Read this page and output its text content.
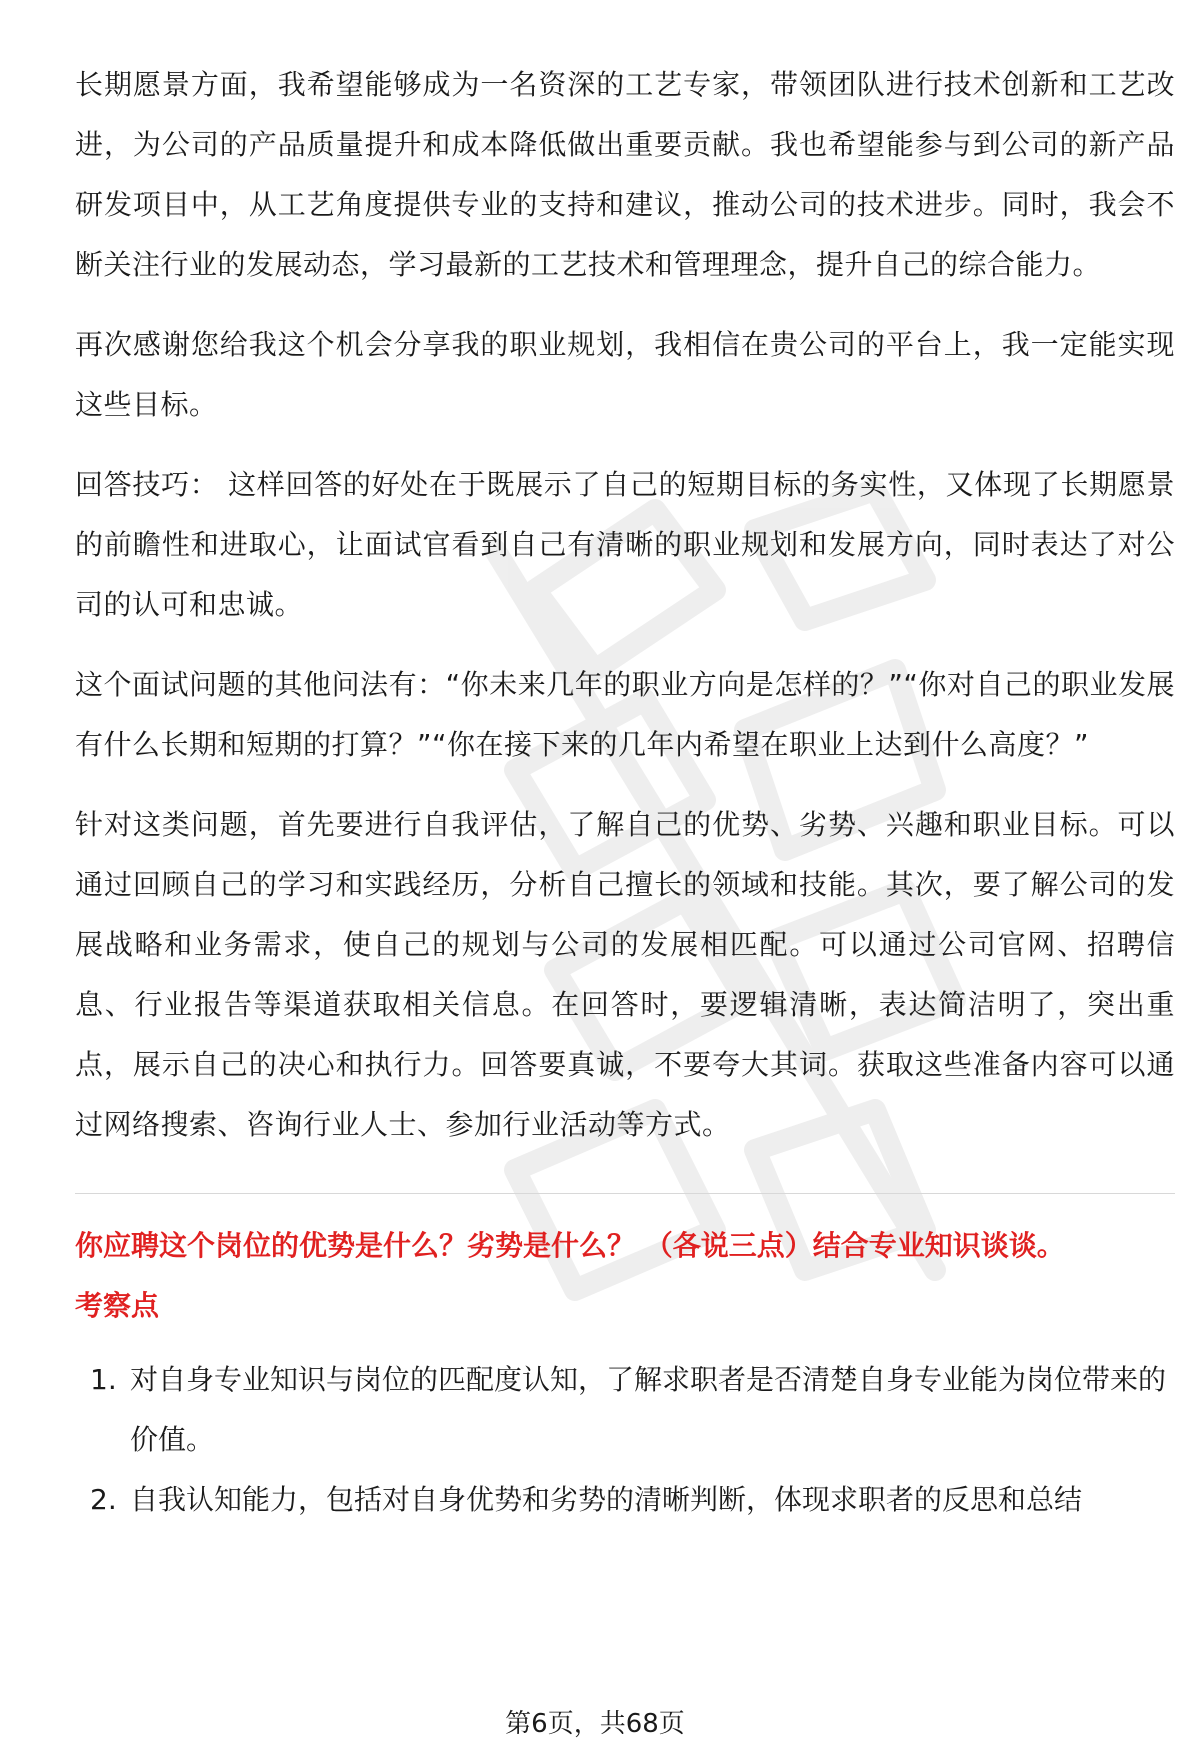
长期愿景方面，我希望能够成为一名资深的工艺专家，带领团队进行技术创新和工艺改进，为公司的产品质量提升和成本降低做出重要贡献。我也希望能参与到公司的新产品研发项目中，从工艺角度提供专业的支持和建议，推动公司的技术进步。同时，我会不断关注行业的发展动态，学习最新的工艺技术和管理理念，提升自己的综合能力。

再次感谢您给我这个机会分享我的职业规划，我相信在贵公司的平台上，我一定能实现这些目标。

回答技巧： 这样回答的好处在于既展示了自己的短期目标的务实性，又体现了长期愿景的前瞻性和进取心，让面试官看到自己有清晰的职业规划和发展方向，同时表达了对公司的认可和忠诚。

这个面试问题的其他问法有：“你未来几年的职业方向是怎样的？”“你对自己的职业发展有什么长期和短期的打算？”“你在接下来的几年内希望在职业上达到什么高度？”

针对这类问题，首先要进行自我评估，了解自己的优势、劣势、兴趣和职业目标。可以通过回顾自己的学习和实践经历，分析自己擅长的领域和技能。其次，要了解公司的发展战略和业务需求，使自己的规划与公司的发展相匹配。可以通过公司官网、招聘信息、行业报告等渠道获取相关信息。在回答时，要逻辑清晰，表达简洁明了，突出重点，展示自己的决心和执行力。回答要真诚，不要夸大其词。获取这些准备内容可以通过网络搜索、咨询行业人士、参加行业活动等方式。

你应聘这个岗位的优势是什么？劣势是什么？ （各说三点）结合专业知识谈谈。

考察点

1. 对自身专业知识与岗位的匹配度认知，了解求职者是否清楚自身专业能为岗位带来的价值。
2. 自我认知能力，包括对自身优势和劣势的清晰判断，体现求职者的反思和总结
第6页，共68页
